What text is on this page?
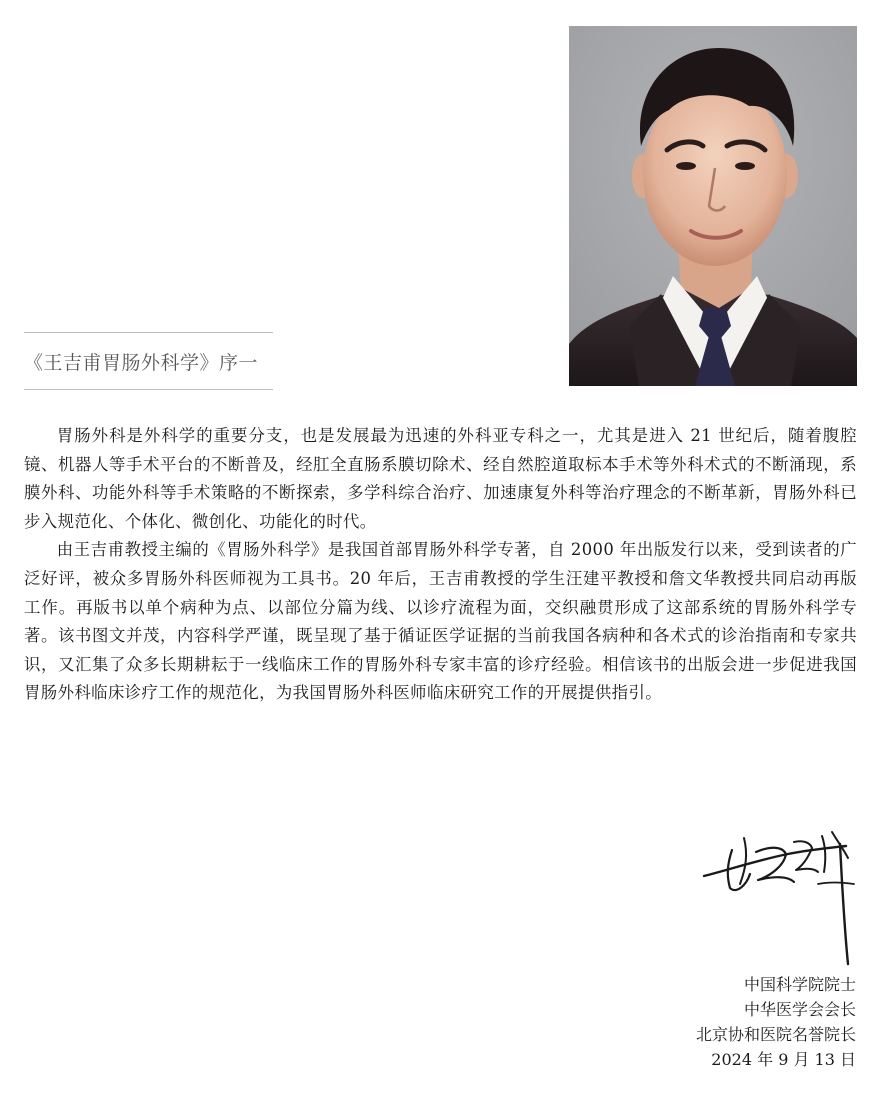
《王吉甫胃肠外科学》序一

胃肠外科是外科学的重要分支，也是发展最为迅速的外科亚专科之一，尤其是进入 21 世纪后，随着腹腔镜、机器人等手术平台的不断普及，经肛全直肠系膜切除术、经自然腔道取标本手术等外科术式的不断涌现，系膜外科、功能外科等手术策略的不断探索，多学科综合治疗、加速康复外科等治疗理念的不断革新，胃肠外科已步入规范化、个体化、微创化、功能化的时代。

由王吉甫教授主编的《胃肠外科学》是我国首部胃肠外科学专著，自 2000 年出版发行以来，受到读者的广泛好评，被众多胃肠外科医师视为工具书。20 年后，王吉甫教授的学生汪建平教授和詹文华教授共同启动再版工作。再版书以单个病种为点、以部位分篇为线、以诊疗流程为面，交织融贯形成了这部系统的胃肠外科学专著。该书图文并茂，内容科学严谨，既呈现了基于循证医学证据的当前我国各病种和各术式的诊治指南和专家共识，又汇集了众多长期耕耘于一线临床工作的胃肠外科专家丰富的诊疗经验。相信该书的出版会进一步促进我国胃肠外科临床诊疗工作的规范化，为我国胃肠外科医师临床研究工作的开展提供指引。

中国科学院院士
中华医学会会长
北京协和医院名誉院长
2024 年 9 月 13 日
